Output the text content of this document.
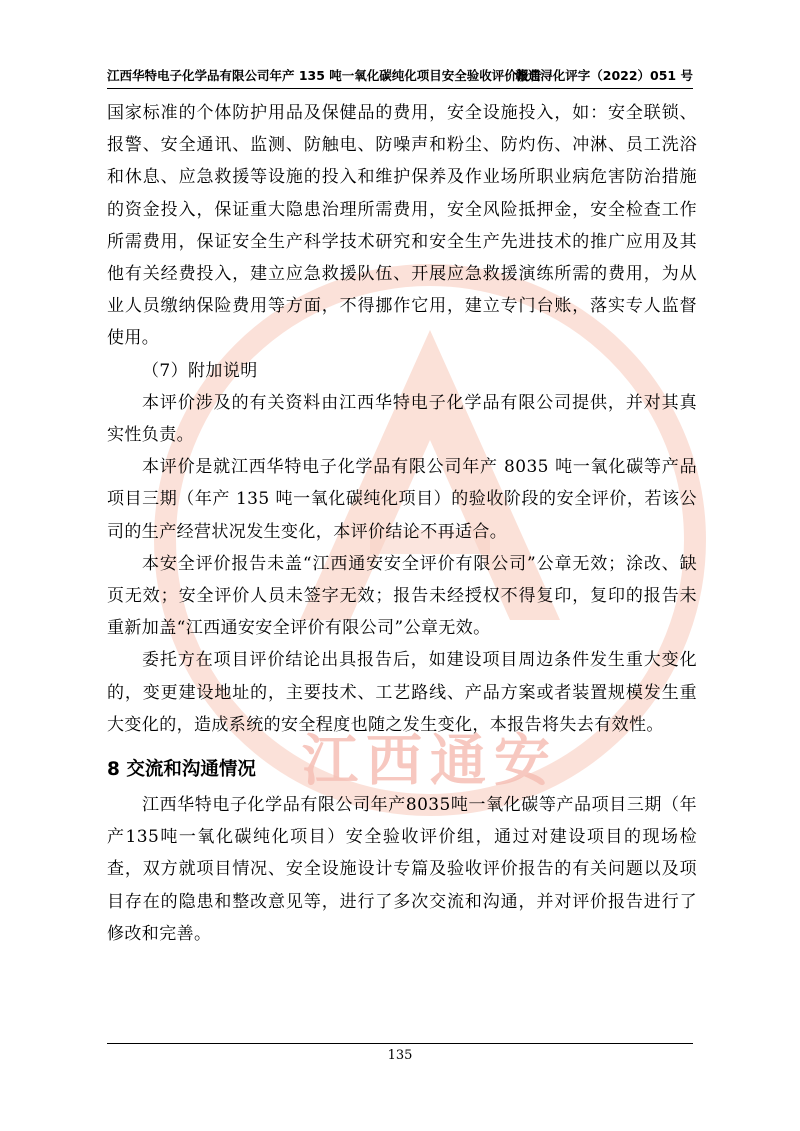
江西通安
江西华特电子化学品有限公司年产 135 吨一氧化碳纯化项目安全验收评价报告
赣通浔化评字（2022）051 号

国家标准的个体防护用品及保健品的费用，安全设施投入，如：安全联锁、报警、安全通讯、监测、防触电、防噪声和粉尘、防灼伤、冲淋、员工洗浴和休息、应急救援等设施的投入和维护保养及作业场所职业病危害防治措施的资金投入，保证重大隐患治理所需费用，安全风险抵押金，安全检查工作所需费用，保证安全生产科学技术研究和安全生产先进技术的推广应用及其他有关经费投入，建立应急救援队伍、开展应急救援演练所需的费用，为从业人员缴纳保险费用等方面，不得挪作它用，建立专门台账，落实专人监督使用。

（7）附加说明

本评价涉及的有关资料由江西华特电子化学品有限公司提供，并对其真实性负责。

本评价是就江西华特电子化学品有限公司年产 8035 吨一氧化碳等产品项目三期（年产 135 吨一氧化碳纯化项目）的验收阶段的安全评价，若该公司的生产经营状况发生变化，本评价结论不再适合。

本安全评价报告未盖“江西通安安全评价有限公司”公章无效；涂改、缺页无效；安全评价人员未签字无效；报告未经授权不得复印，复印的报告未重新加盖“江西通安安全评价有限公司”公章无效。

委托方在项目评价结论出具报告后，如建设项目周边条件发生重大变化的，变更建设地址的，主要技术、工艺路线、产品方案或者装置规模发生重大变化的，造成系统的安全程度也随之发生变化，本报告将失去有效性。

8 交流和沟通情况

江西华特电子化学品有限公司年产8035吨一氧化碳等产品项目三期（年产135吨一氧化碳纯化项目）安全验收评价组，通过对建设项目的现场检查，双方就项目情况、安全设施设计专篇及验收评价报告的有关问题以及项目存在的隐患和整改意见等，进行了多次交流和沟通，并对评价报告进行了修改和完善。

135
